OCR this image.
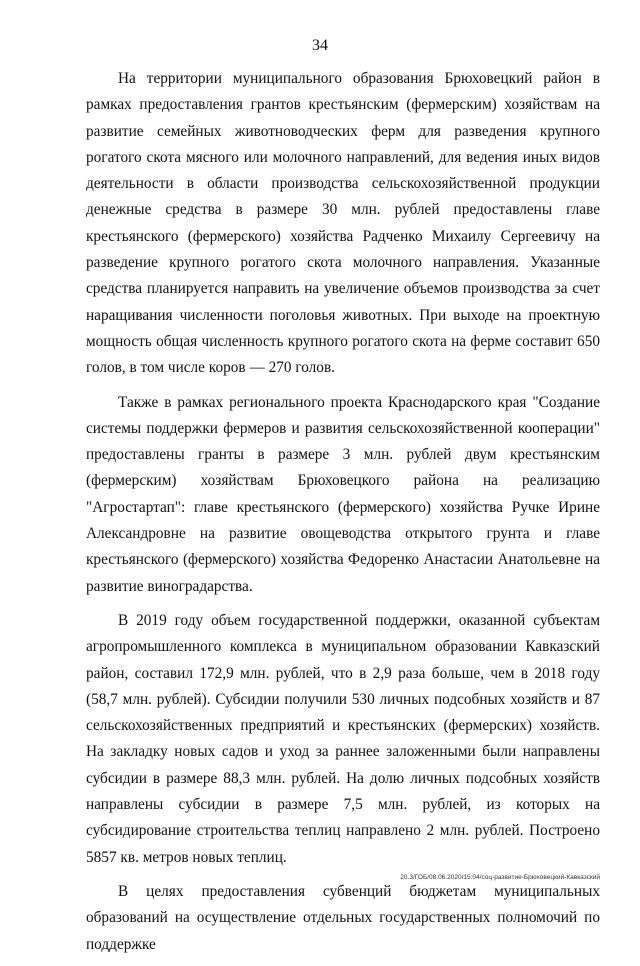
34

На территории муниципального образования Брюховецкий район в рамках предоставления грантов крестьянским (фермерским) хозяйствам на развитие семейных животноводческих ферм для разведения крупного рогатого скота мясного или молочного направлений, для ведения иных видов деятельности в области производства сельскохозяйственной продукции денежные средства в размере 30 млн. рублей предоставлены главе крестьянского (фермерского) хозяйства Радченко Михаилу Сергеевичу на разведение крупного рогатого скота молочного направления. Указанные средства планируется направить на увеличение объемов производства за счет наращивания численности поголовья животных. При выходе на проектную мощность общая численность крупного рогатого скота на ферме составит 650 голов, в том числе коров — 270 голов.

Также в рамках регионального проекта Краснодарского края "Создание системы поддержки фермеров и развития сельскохозяйственной кооперации" предоставлены гранты в размере 3 млн. рублей двум крестьянским (фермерским) хозяйствам Брюховецкого района на реализацию "Агростартап": главе крестьянского (фермерского) хозяйства Ручке Ирине Александровне на развитие овощеводства открытого грунта и главе крестьянского (фермерского) хозяйства Федоренко Анастасии Анатольевне на развитие виноградарства.

В 2019 году объем государственной поддержки, оказанной субъектам агропромышленного комплекса в муниципальном образовании Кавказский район, составил 172,9 млн. рублей, что в 2,9 раза больше, чем в 2018 году (58,7 млн. рублей). Субсидии получили 530 личных подсобных хозяйств и 87 сельскохозяйственных предприятий и крестьянских (фермерских) хозяйств. На закладку новых садов и уход за раннее заложенными были направлены субсидии в размере 88,3 млн. рублей. На долю личных подсобных хозяйств направлены субсидии в размере 7,5 млн. рублей, из которых на субсидирование строительства теплиц направлено 2 млн. рублей. Построено 5857 кв. метров новых теплиц.

В целях предоставления субвенций бюджетам муниципальных образований на осуществление отдельных государственных полномочий по поддержке

20.3/ГОБ/08.06.2020/15:04/соц-развитие-Брюховецкий-Кавказский
